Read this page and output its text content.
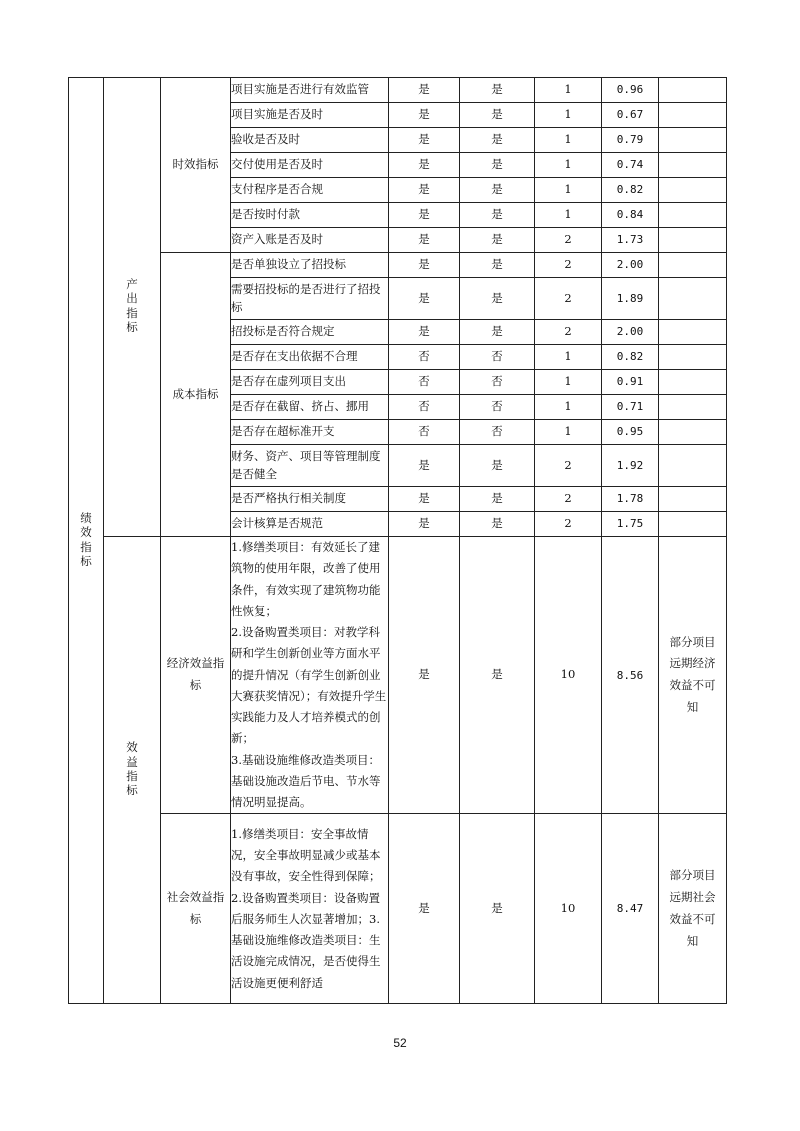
绩效指标	产出指标	时效指标	项目实施是否进行有效监管	是	是	1	0.96	
			项目实施是否及时	是	是	1	0.67	
			验收是否及时	是	是	1	0.79	
			交付使用是否及时	是	是	1	0.74	
			支付程序是否合规	是	是	1	0.82	
			是否按时付款	是	是	1	0.84	
			资产入账是否及时	是	是	2	1.73	
		成本指标	是否单独设立了招投标	是	是	2	2.00	
			需要招投标的是否进行了招投标	是	是	2	1.89	
			招投标是否符合规定	是	是	2	2.00	
			是否存在支出依据不合理	否	否	1	0.82	
			是否存在虚列项目支出	否	否	1	0.91	
			是否存在截留、挤占、挪用	否	否	1	0.71	
			是否存在超标准开支	否	否	1	0.95	
			财务、资产、项目等管理制度是否健全	是	是	2	1.92	
			是否严格执行相关制度	是	是	2	1.78	
			会计核算是否规范	是	是	2	1.75	
	效益指标	经济效益指标	1.修缮类项目：有效延长了建筑物的使用年限，改善了使用条件，有效实现了建筑物功能性恢复；
2.设备购置类项目：对教学科研和学生创新创业等方面水平的提升情况（有学生创新创业大赛获奖情况）；有效提升学生实践能力及人才培养模式的创新；
3.基础设施维修改造类项目：基础设施改造后节电、节水等情况明显提高。	是	是	10	8.56	部分项目远期经济效益不可知
		社会效益指标	1.修缮类项目：安全事故情况，安全事故明显减少或基本没有事故，安全性得到保障；2.设备购置类项目：设备购置后服务师生人次显著增加；3.基础设施维修改造类项目：生活设施完成情况，是否使得生活设施更便利舒适	是	是	10	8.47	部分项目远期社会效益不可知
52
